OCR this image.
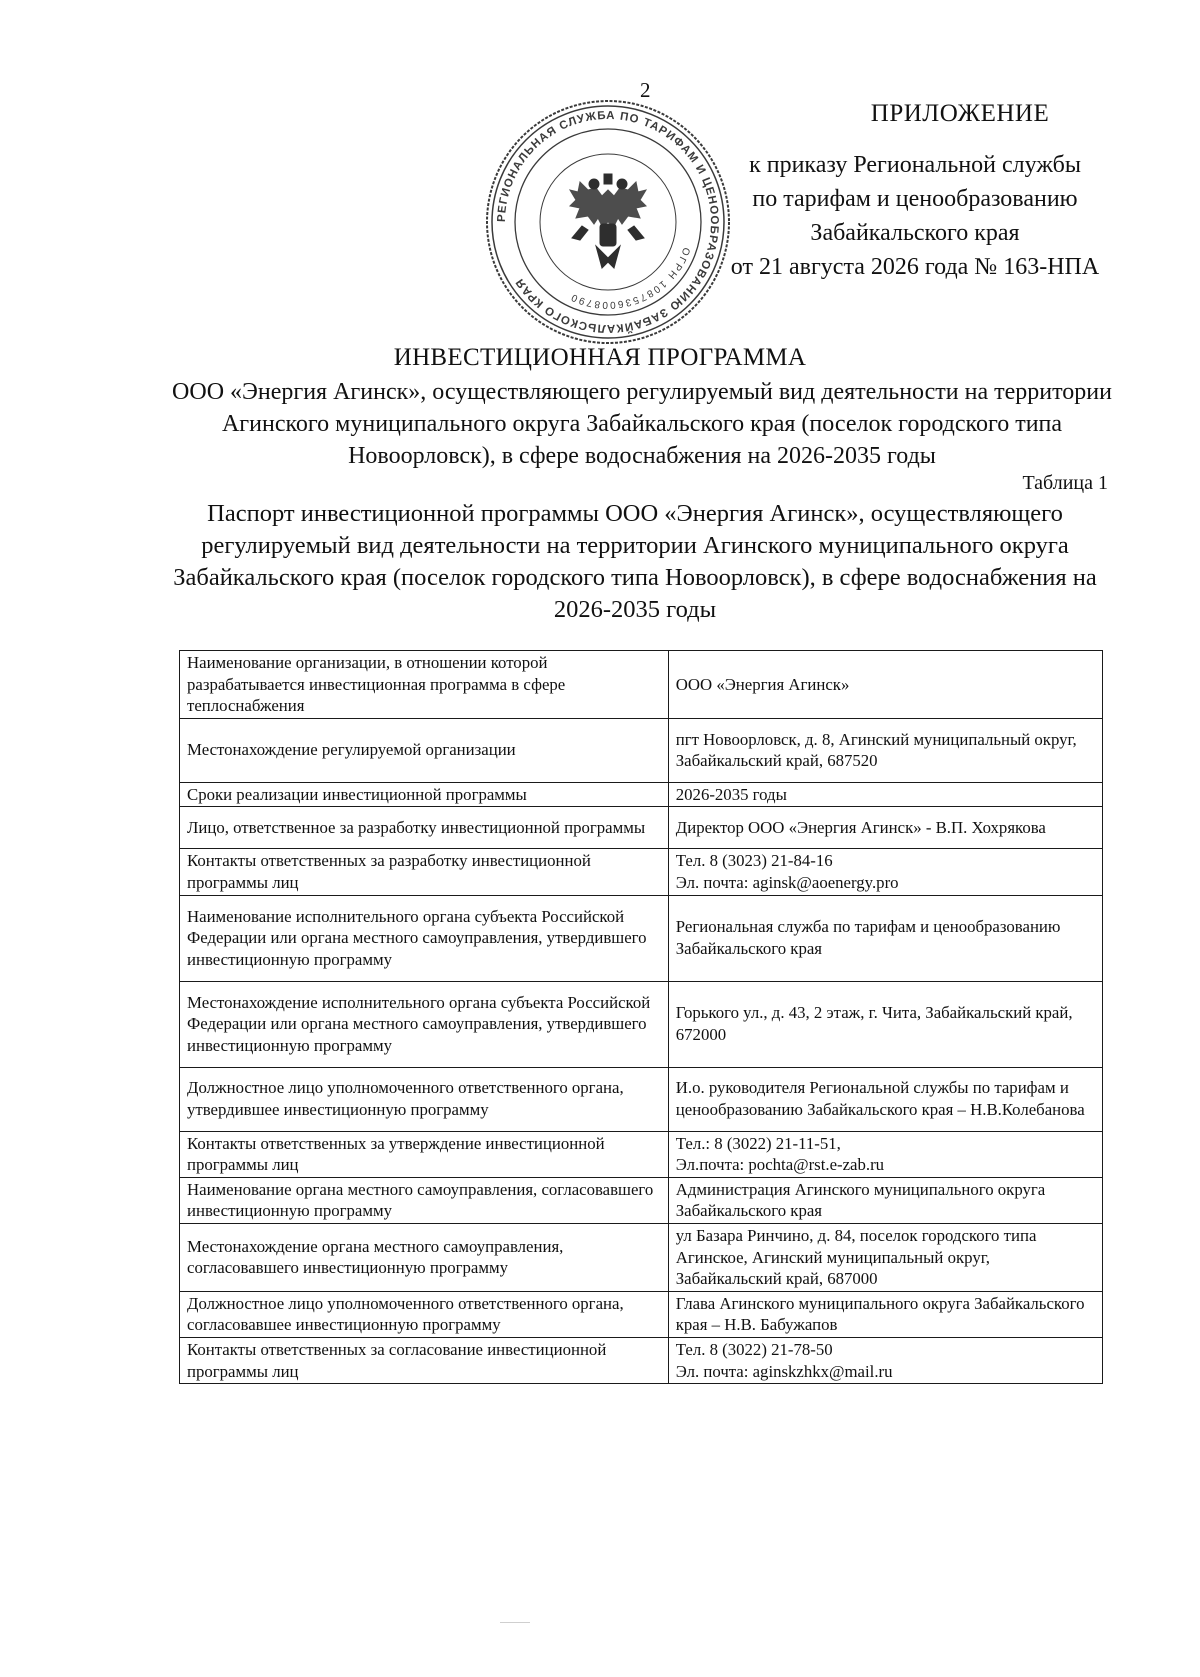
2
РЕГИОНАЛЬНАЯ СЛУЖБА ПО ТАРИФАМ И ЦЕНООБРАЗОВАНИЮ ЗАБАЙКАЛЬСКОГО КРАЯ
ОГРН 1087536008790
ПРИЛОЖЕНИЕ
к приказу Региональной службы
по тарифам и ценообразованию
Забайкальского края
от 21 августа 2026 года № 163-НПА
ИНВЕСТИЦИОННАЯ ПРОГРАММА
ООО «Энергия Агинск», осуществляющего регулируемый вид деятельности на территории Агинского муниципального округа Забайкальского края (поселок городского типа Новоорловск), в сфере водоснабжения на 2026-2035 годы
Таблица 1
Паспорт инвестиционной программы ООО «Энергия Агинск», осуществляющего регулируемый вид деятельности на территории Агинского муниципального округа Забайкальского края (поселок городского типа Новоорловск), в сфере водоснабжения на 2026-2035 годы
Наименование организации, в отношении которой разрабатывается инвестиционная программа в сфере теплоснабжения	ООО «Энергия Агинск»
Местонахождение регулируемой организации	пгт Новоорловск, д. 8, Агинский муниципальный округ, Забайкальский край, 687520
Сроки реализации инвестиционной программы	2026-2035 годы
Лицо, ответственное за разработку инвестиционной программы	Директор ООО «Энергия Агинск» - В.П. Хохрякова
Контакты ответственных за разработку инвестиционной программы лиц	Тел. 8 (3023) 21-84-16
Эл. почта: aginsk@aoenergy.pro
Наименование исполнительного органа субъекта Российской Федерации или органа местного самоуправления, утвердившего инвестиционную программу	Региональная служба по тарифам и ценообразованию Забайкальского края
Местонахождение исполнительного органа субъекта Российской Федерации или органа местного самоуправления, утвердившего инвестиционную программу	Горького ул., д. 43, 2 этаж, г. Чита, Забайкальский край, 672000
Должностное лицо уполномоченного ответственного органа, утвердившее инвестиционную программу	И.о. руководителя Региональной службы по тарифам и ценообразованию Забайкальского края – Н.В.Колебанова
Контакты ответственных за утверждение инвестиционной программы лиц	Тел.: 8 (3022) 21-11-51,
Эл.почта: pochta@rst.e-zab.ru
Наименование органа местного самоуправления, согласовавшего инвестиционную программу	Администрация Агинского муниципального округа Забайкальского края
Местонахождение органа местного самоуправления, согласовавшего инвестиционную программу	ул Базара Ринчино, д. 84, поселок городского типа Агинское, Агинский муниципальный округ, Забайкальский край, 687000
Должностное лицо уполномоченного ответственного органа, согласовавшее инвестиционную программу	Глава Агинского муниципального округа Забайкальского края – Н.В. Бабужапов
Контакты ответственных за согласование инвестиционной программы лиц	Тел. 8 (3022) 21-78-50
Эл. почта: aginskzhkx@mail.ru
